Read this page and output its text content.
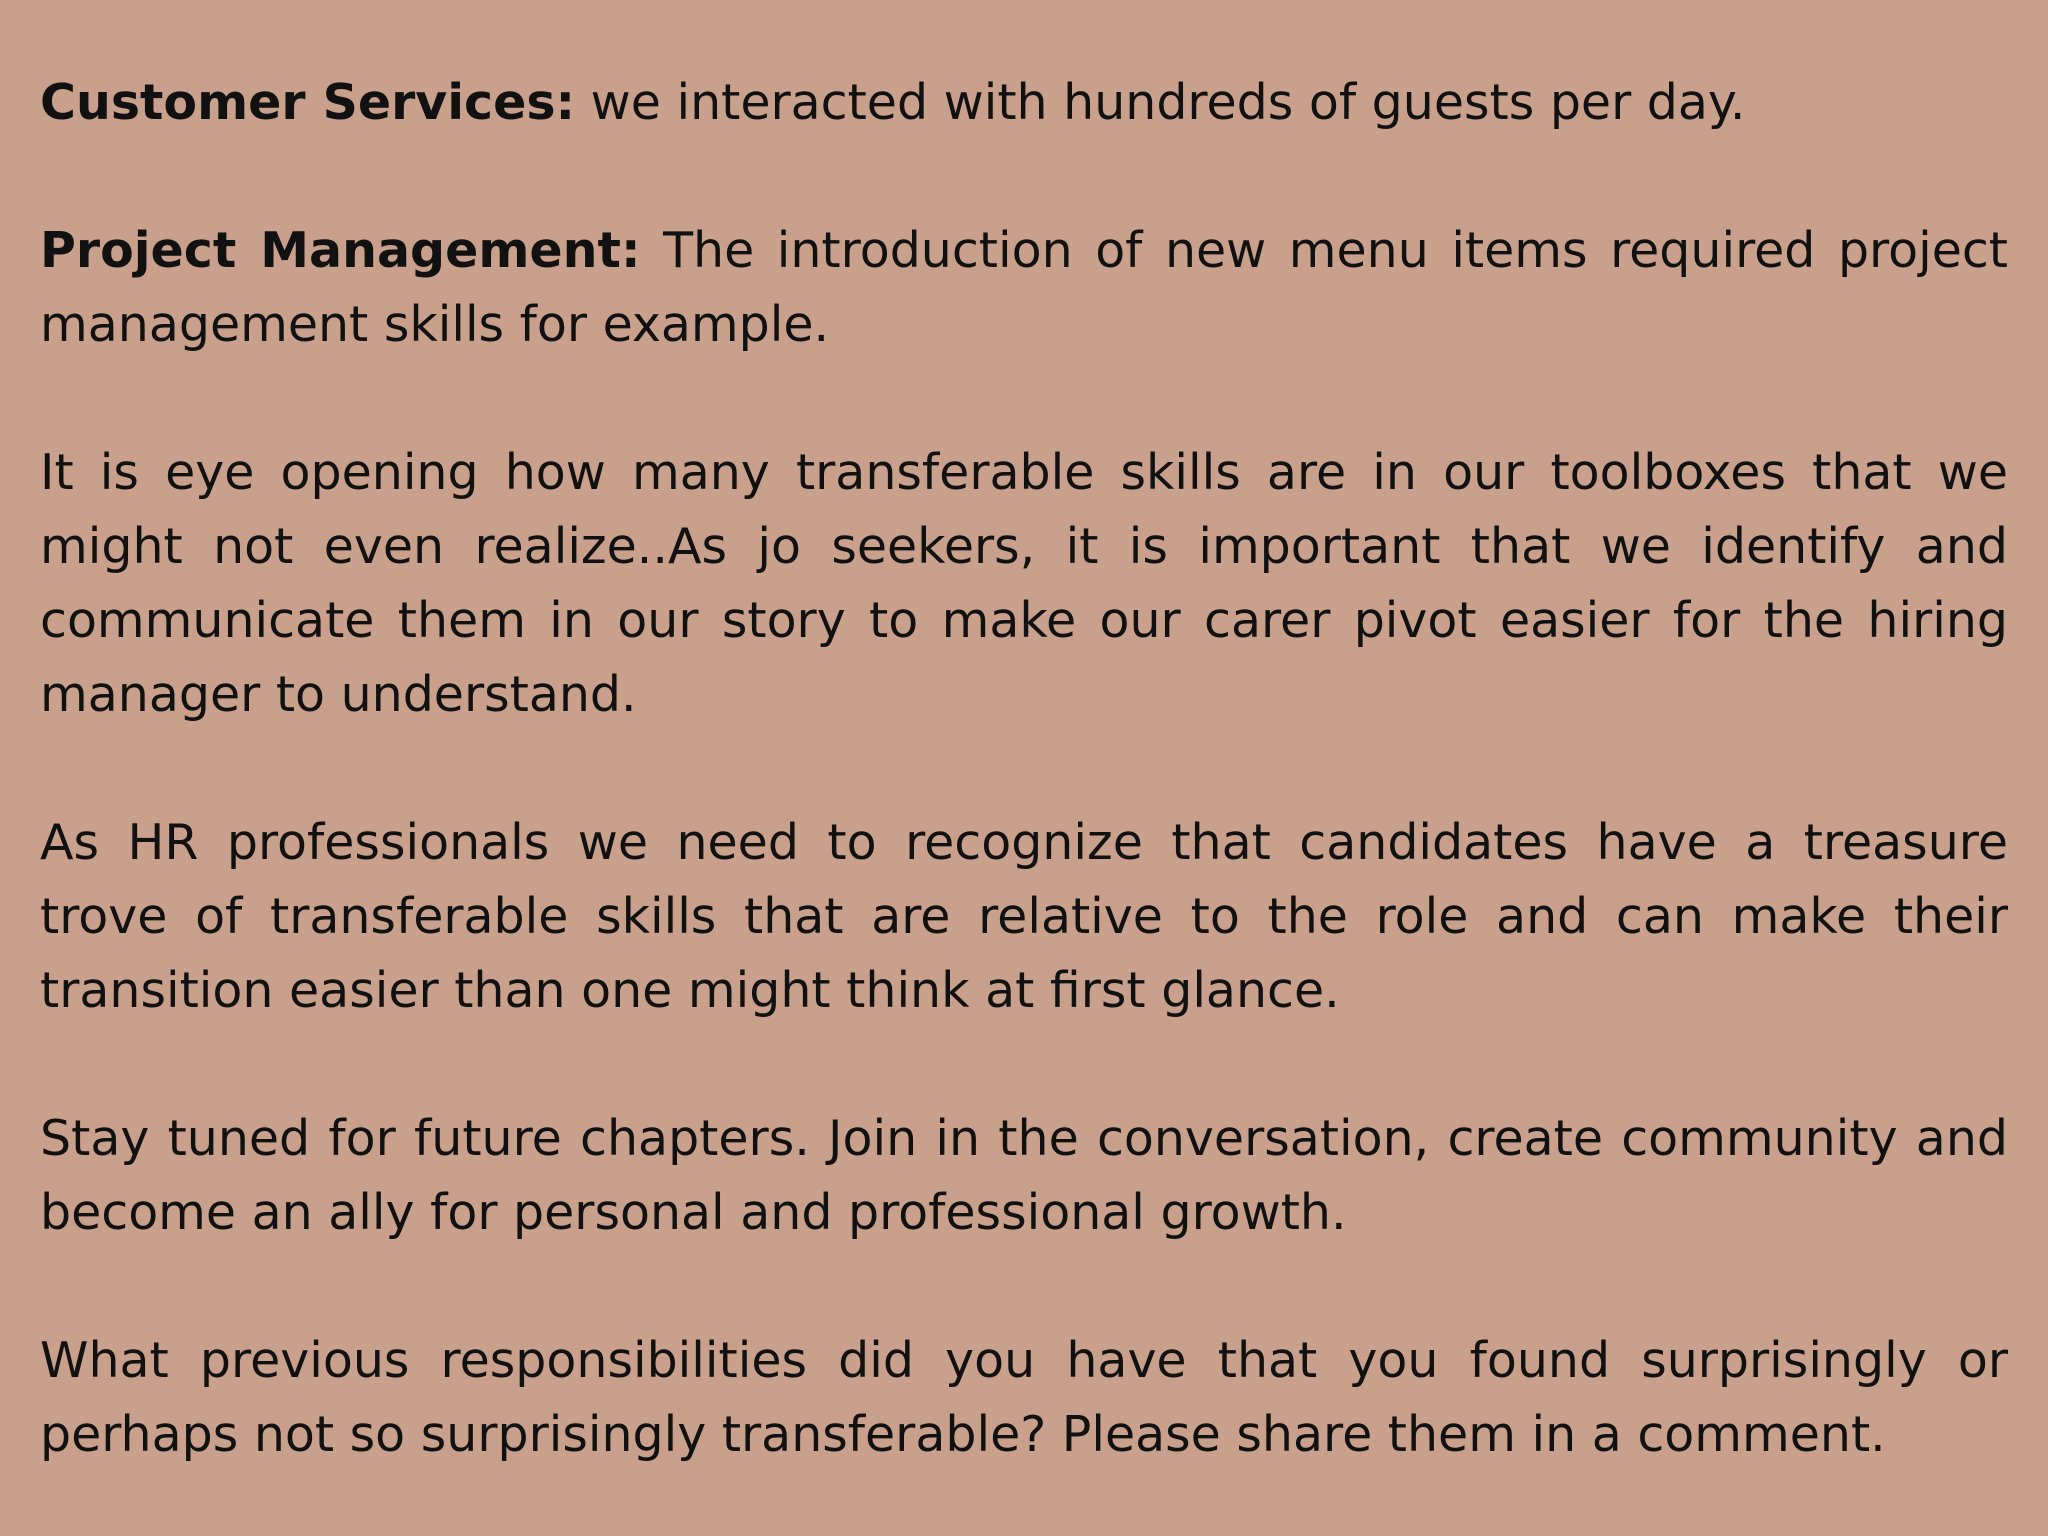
Customer Services: we interacted with hundreds of guests per day.

Project Management: The introduction of new menu items required project management skills for example.

It is eye opening how many transferable skills are in our toolboxes that we might not even realize..As jo seekers, it is important that we identify and communicate them in our story to make our carer pivot easier for the hiring manager to understand.

As HR professionals we need to recognize that candidates have a treasure trove of transferable skills that are relative to the role and can make their transition easier than one might think at first glance.

Stay tuned for future chapters. Join in the conversation, create community and become an ally for personal and professional growth.

What previous responsibilities did you have that you found surprisingly or perhaps not so surprisingly transferable? Please share them in a comment.
